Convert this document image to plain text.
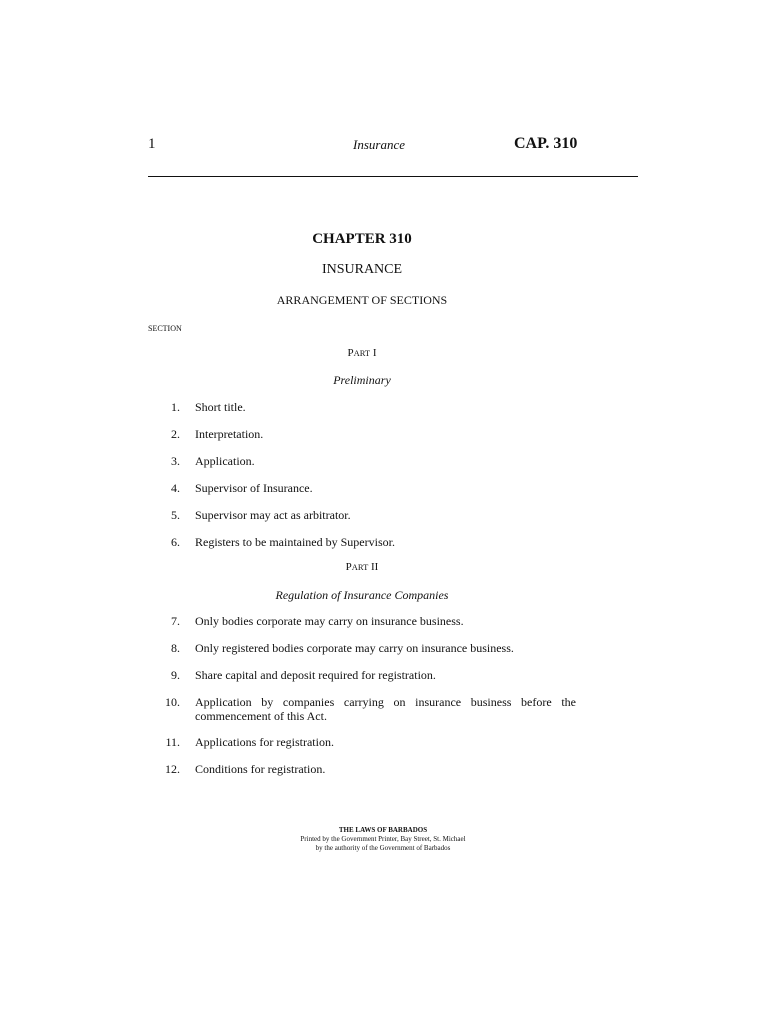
1	Insurance	CAP. 310
CHAPTER 310
INSURANCE
ARRANGEMENT OF SECTIONS
SECTION
PART I
Preliminary
1. Short title.
2. Interpretation.
3. Application.
4. Supervisor of Insurance.
5. Supervisor may act as arbitrator.
6. Registers to be maintained by Supervisor.
PART II
Regulation of Insurance Companies
7. Only bodies corporate may carry on insurance business.
8. Only registered bodies corporate may carry on insurance business.
9. Share capital and deposit required for registration.
10. Application by companies carrying on insurance business before the commencement of this Act.
11. Applications for registration.
12. Conditions for registration.
THE LAWS OF BARBADOS
Printed by the Government Printer, Bay Street, St. Michael
by the authority of the Government of Barbados
